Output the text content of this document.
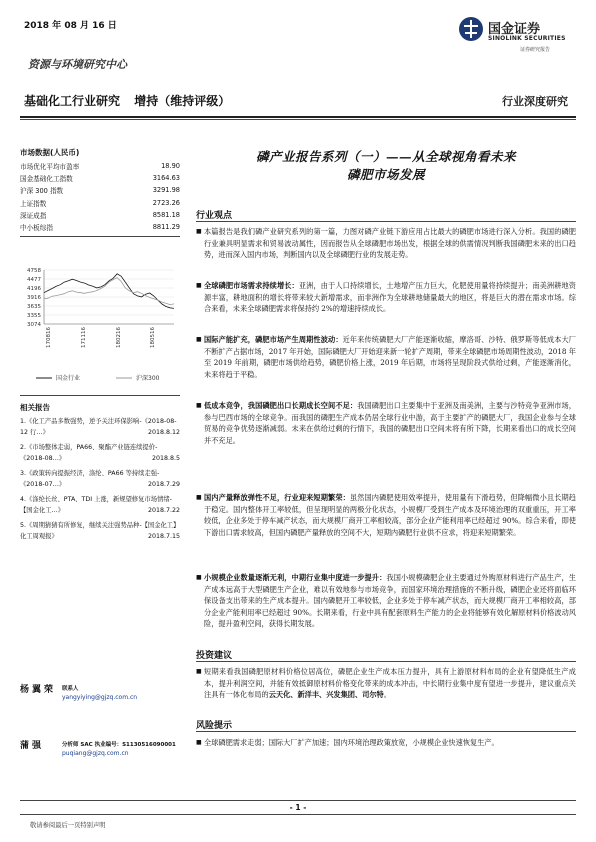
2018 年 08 月 16 日	国金证券
SINOLINK SECURITIES
证券研究报告
资源与环境研究中心
基础化工行业研究 增持（维持评级）	行业深度研究
市场数据(人民币)
市场优化平均市盈率	18.90
国金基础化工指数	3164.63
沪深 300 指数	3291.98
上证指数	2723.26
深证成指	8581.18
中小板综指	8811.29
4758
4477
4196
3916
3635
3355
3074
170816	171116	180216	180516
国金行业	沪深300
相关报告
1.《化工产品多数强势，逆予关注环保影响-《2018-08-12 行…》	2018.8.12
2.《市场整体走弱，PA66、聚酯产业链连续提价-《2018-08…》	2018.8.5
3.《政策转向提振经济，涤纶、PA66 等持续走强-《2018-07…》	2018.7.29
4.《涤纶长丝、PTA、TDI 上涨，新规望修复市场情绪-【国金化工…》	2018.7.22
5.《周期猜猜有所修复，继续关注强势品种-【国金化工】化工周观报》	2018.7.15
杨翼荣	联系人
yangyiying@gjzq.com.cn
蒲强	分析师 SAC 执业编号：S1130516090001
puqiang@gjzq.com.cn
磷产业报告系列（一）——从全球视角看未来
磷肥市场发展
行业观点
■ 本篇报告是我们磷产业研究系列的第一篇，力图对磷产业链下游应用占比最大的磷肥市场进行深入分析。我国的磷肥行业兼具明显需求和贸易波动属性，因而报告从全球磷肥市场出发，根据全球的供需情况判断我国磷肥未来的出口趋势，进而深入国内市场，判断国内以及全球磷肥行业的发展走势。
■ 全球磷肥市场需求持续增长：亚洲，由于人口持续增长，土地增产压力巨大，化肥使用量将持续提升；南美洲耕地资源丰富，耕地面积的增长将带来较大新增需求，而非洲作为全球耕地储量最大的地区，将是巨大的潜在需求市场。综合来看，未来全球磷肥需求将保持约 2%的增速持续成长。
■ 国际产能扩充，磷肥市场产生周期性波动：近年来传统磷肥大厂产能逐渐收缩，摩洛哥、沙特、俄罗斯等低成本大厂不断扩产占据市场，2017 年开始，国际磷肥大厂开始迎来新一轮扩产周期，带来全球磷肥市场周期性波动，2018 年至 2019 年前期，磷肥市场供给趋势，磷肥价格上涨，2019 年后期，市场将呈现阶段式供给过剩，产能逐渐消化，未来将趋于平稳。
■ 低成本竞争，我国磷肥出口长期成长空间不足：我国磷肥出口主要集中于亚洲及南美洲，主要与沙特竞争亚洲市场，参与巴西市场的全球竞争。而我国的磷肥生产成本仍居全球行业中游，高于主要扩产的磷肥大厂，我国企业参与全球贸易的竞争优势逐渐减弱。未来在供给过剩的行情下，我国的磷肥出口空间未将有所下降，长期来看出口的成长空间并不充足。
■ 国内产量释放弹性不足，行业迎来短期繁荣：虽然国内磷肥使用效率提升，使用量有下滑趋势，但降幅微小且长期趋于稳定。国内整体开工率较低，但呈现明显的两极分化状态，小规模厂受到生产成本及环境治理的双重重压，开工率较低，企业多处于停车减产状态，而大规模厂商开工率相较高，部分企业产能利用率已经超过 90%。综合来看，即使下游出口需求较高，但国内磷肥产量释放的空间不大，短期内磷肥行业供不应求，将迎来短期繁荣。
■ 小规模企业数量逐渐无利，中期行业集中度进一步提升：我国小规模磷肥企业主要通过外购原材料进行产品生产，生产成本远高于大型磷肥生产企业，难以有效地参与市场竞争，而国家环境治理措施的不断升级，磷肥企业还将面临环保设备支出带来的生产成本提升。国内磷肥开工率较低，企业多处于停车减产状态，而大规模厂商开工率相较高，部分企业产能利用率已经超过 90%。长期来看，行业中具有配套原料生产能力的企业将能够有效化解原材料价格波动风险，提升盈利空间，获得长期发展。
投资建议
■ 短期来看我国磷肥原材料价格位居高位，磷肥企业生产成本压力提升，具有上游原材料布局的企业有望降低生产成本，提升利润空间，并能有效抵御原材料价格变化带来的成本冲击，中长期行业集中度有望进一步提升，建议重点关注具有一体化布局的云天化、新洋丰、兴发集团、司尔特。
风险提示
■ 全球磷肥需求走弱；国际大厂扩产加速；国内环境治理政策放宽，小规模企业快速恢复生产。
- 1 -
敬请参阅最后一页特别声明
